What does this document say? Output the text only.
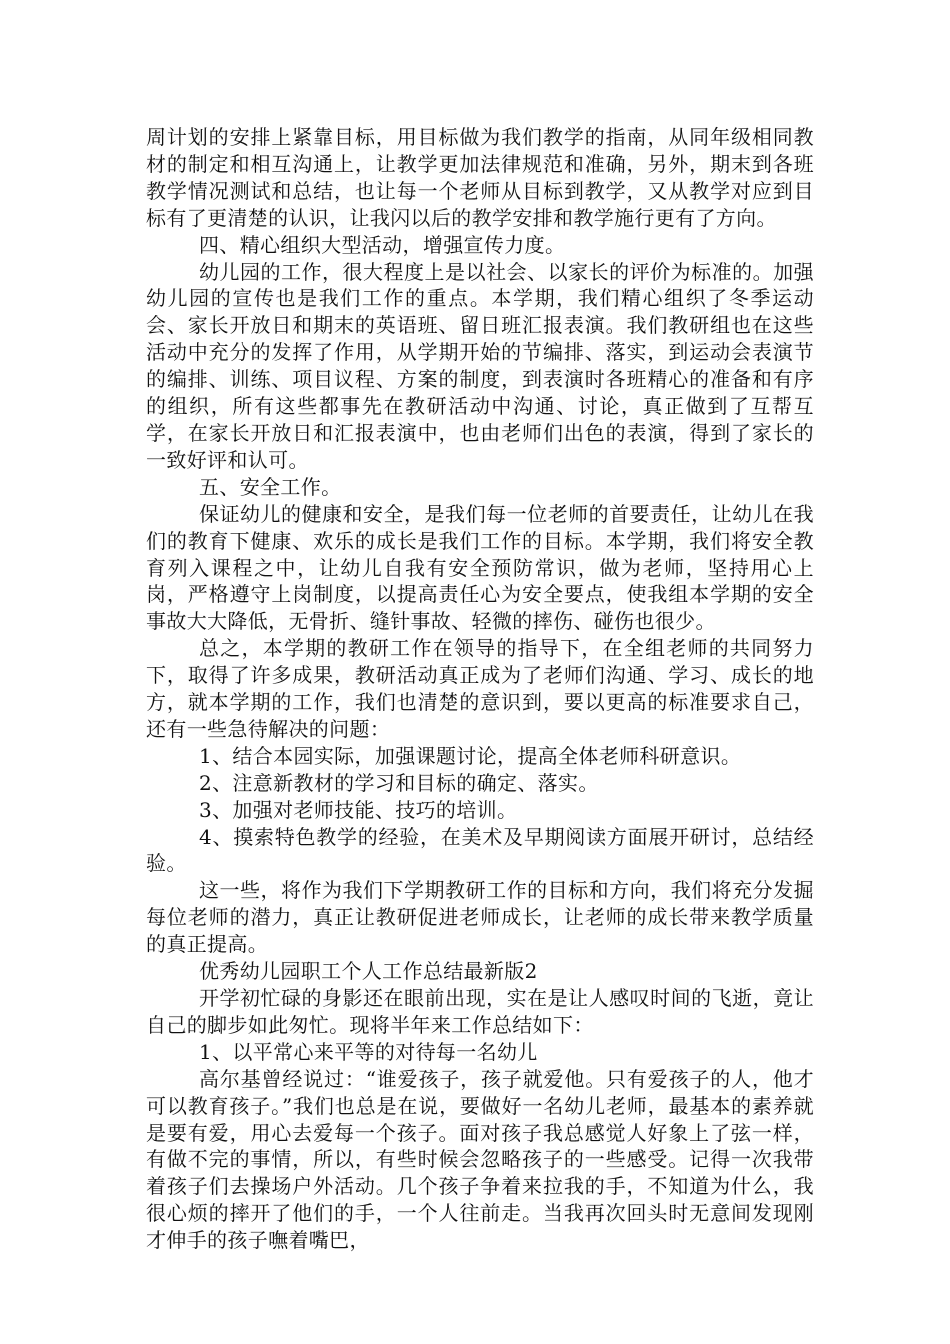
周计划的安排上紧靠目标，用目标做为我们教学的指南，从同年级相同教材的制定和相互沟通上，让教学更加法律规范和准确，另外，期末到各班教学情况测试和总结，也让每一个老师从目标到教学，又从教学对应到目标有了更清楚的认识，让我闪以后的教学安排和教学施行更有了方向。

四、精心组织大型活动，增强宣传力度。

幼儿园的工作，很大程度上是以社会、以家长的评价为标准的。加强幼儿园的宣传也是我们工作的重点。本学期，我们精心组织了冬季运动会、家长开放日和期末的英语班、留日班汇报表演。我们教研组也在这些活动中充分的发挥了作用，从学期开始的节编排、落实，到运动会表演节的编排、训练、项目议程、方案的制度，到表演时各班精心的准备和有序的组织，所有这些都事先在教研活动中沟通、讨论，真正做到了互帮互学，在家长开放日和汇报表演中，也由老师们出色的表演，得到了家长的一致好评和认可。

五、安全工作。

保证幼儿的健康和安全，是我们每一位老师的首要责任，让幼儿在我们的教育下健康、欢乐的成长是我们工作的目标。本学期，我们将安全教育列入课程之中，让幼儿自我有安全预防常识，做为老师，坚持用心上岗，严格遵守上岗制度，以提高责任心为安全要点，使我组本学期的安全事故大大降低，无骨折、缝针事故、轻微的摔伤、碰伤也很少。

总之，本学期的教研工作在领导的指导下，在全组老师的共同努力下，取得了许多成果，教研活动真正成为了老师们沟通、学习、成长的地方，就本学期的工作，我们也清楚的意识到，要以更高的标准要求自己，还有一些急待解决的问题：

1、结合本园实际，加强课题讨论，提高全体老师科研意识。

2、注意新教材的学习和目标的确定、落实。

3、加强对老师技能、技巧的培训。

4、摸索特色教学的经验，在美术及早期阅读方面展开研讨，总结经验。

这一些，将作为我们下学期教研工作的目标和方向，我们将充分发掘每位老师的潜力，真正让教研促进老师成长，让老师的成长带来教学质量的真正提高。

优秀幼儿园职工个人工作总结最新版2

开学初忙碌的身影还在眼前出现，实在是让人感叹时间的飞逝，竟让自己的脚步如此匆忙。现将半年来工作总结如下：

1、以平常心来平等的对待每一名幼儿

高尔基曾经说过：“谁爱孩子，孩子就爱他。只有爱孩子的人，他才可以教育孩子。”我们也总是在说，要做好一名幼儿老师，最基本的素养就是要有爱，用心去爱每一个孩子。面对孩子我总感觉人好象上了弦一样，有做不完的事情，所以，有些时候会忽略孩子的一些感受。记得一次我带着孩子们去操场户外活动。几个孩子争着来拉我的手，不知道为什么，我很心烦的摔开了他们的手，一个人往前走。当我再次回头时无意间发现刚才伸手的孩子嘸着嘴巴，
